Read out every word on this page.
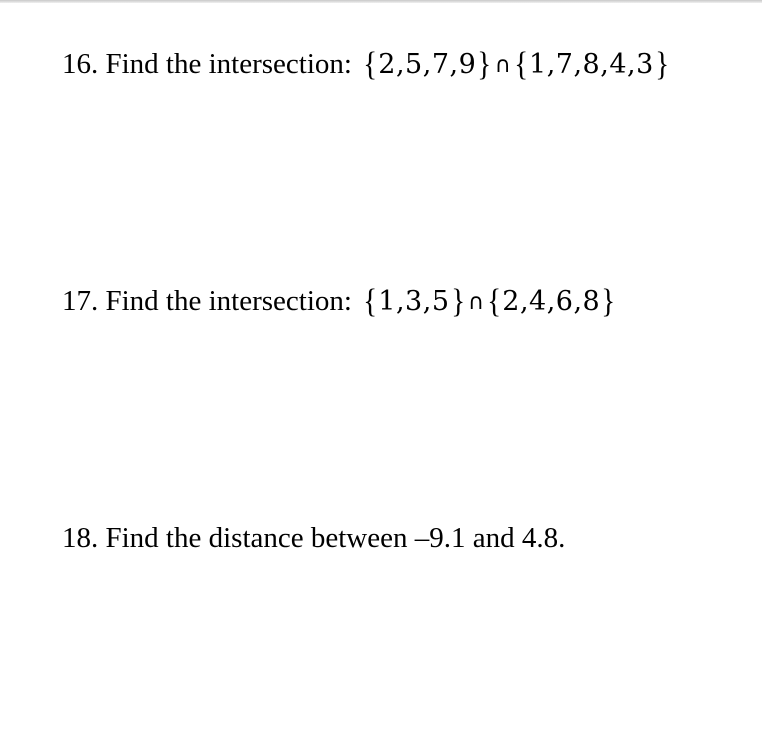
16. Find the intersection: {2,5,7,9} ∩{1,7,8,4,3}
17. Find the intersection: {1,3,5} ∩{2,4,6,8}
18. Find the distance between –9.1 and 4.8.
